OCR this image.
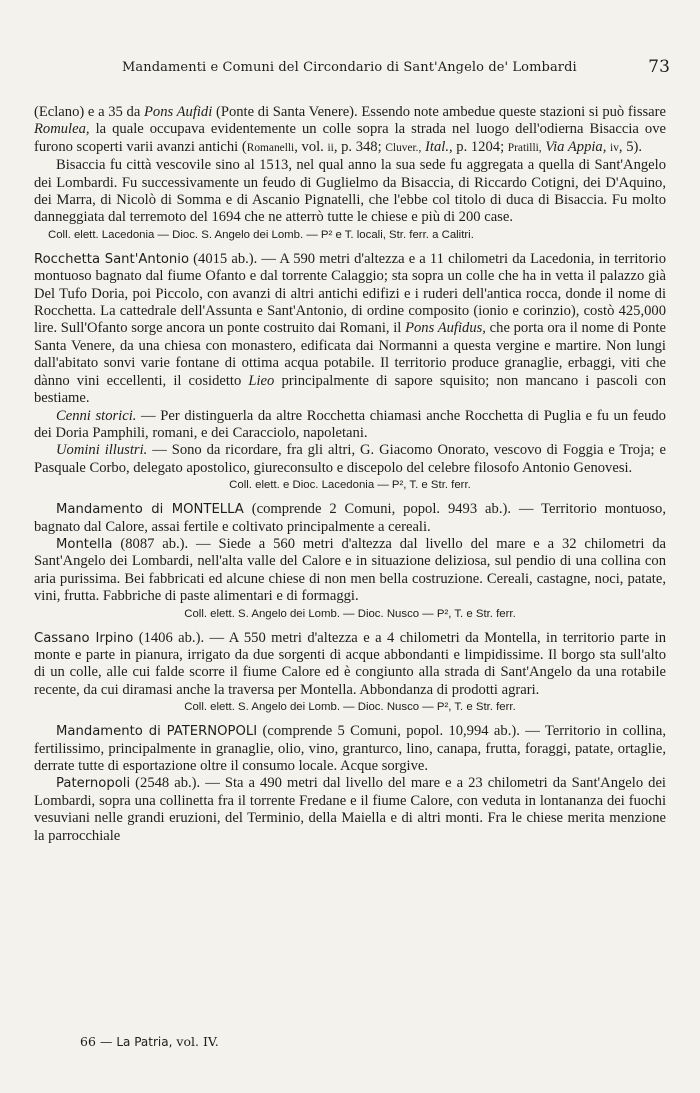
Mandamenti e Comuni del Circondario di Sant'Angelo de' Lombardi	73

(Eclano) e a 35 da Pons Aufidi (Ponte di Santa Venere). Essendo note ambedue queste stazioni si può fissare Romulea, la quale occupava evidentemente un colle sopra la strada nel luogo dell'odierna Bisaccia ove furono scoperti varii avanzi antichi (Romanelli, vol. ii, p. 348; Cluver., Ital., p. 1204; Pratilli, Via Appia, iv, 5).

Bisaccia fu città vescovile sino al 1513, nel qual anno la sua sede fu aggregata a quella di Sant'Angelo dei Lombardi. Fu successivamente un feudo di Guglielmo da Bisaccia, di Riccardo Cotigni, dei D'Aquino, dei Marra, di Nicolò di Somma e di Ascanio Pignatelli, che l'ebbe col titolo di duca di Bisaccia. Fu molto danneggiata dal terremoto del 1694 che ne atterrò tutte le chiese e più di 200 case.

Coll. elett. Lacedonia — Dioc. S. Angelo dei Lomb. — P² e T. locali, Str. ferr. a Calitri.

Rocchetta Sant'Antonio (4015 ab.). — A 590 metri d'altezza e a 11 chilometri da Lacedonia, in territorio montuoso bagnato dal fiume Ofanto e dal torrente Calaggio; sta sopra un colle che ha in vetta il palazzo già Del Tufo Doria, poi Piccolo, con avanzi di altri antichi edifizi e i ruderi dell'antica rocca, donde il nome di Rocchetta. La cattedrale dell'Assunta e Sant'Antonio, di ordine composito (ionio e corinzio), costò 425,000 lire. Sull'Ofanto sorge ancora un ponte costruito dai Romani, il Pons Aufidus, che porta ora il nome di Ponte Santa Venere, da una chiesa con monastero, edificata dai Normanni a questa vergine e martire. Non lungi dall'abitato sonvi varie fontane di ottima acqua potabile. Il territorio produce granaglie, erbaggi, viti che dànno vini eccellenti, il cosidetto Lieo principalmente di sapore squisito; non mancano i pascoli con bestiame.

Cenni storici. — Per distinguerla da altre Rocchetta chiamasi anche Rocchetta di Puglia e fu un feudo dei Doria Pamphili, romani, e dei Caracciolo, napoletani.

Uomini illustri. — Sono da ricordare, fra gli altri, G. Giacomo Onorato, vescovo di Foggia e Troja; e Pasquale Corbo, delegato apostolico, giureconsulto e discepolo del celebre filosofo Antonio Genovesi.

Coll. elett. e Dioc. Lacedonia — P², T. e Str. ferr.

Mandamento di MONTELLA (comprende 2 Comuni, popol. 9493 ab.). — Territorio montuoso, bagnato dal Calore, assai fertile e coltivato principalmente a cereali.

Montella (8087 ab.). — Siede a 560 metri d'altezza dal livello del mare e a 32 chilometri da Sant'Angelo dei Lombardi, nell'alta valle del Calore e in situazione deliziosa, sul pendio di una collina con aria purissima. Bei fabbricati ed alcune chiese di non men bella costruzione. Cereali, castagne, noci, patate, vini, frutta. Fabbriche di paste alimentari e di formaggi.

Coll. elett. S. Angelo dei Lomb. — Dioc. Nusco — P², T. e Str. ferr.

Cassano Irpino (1406 ab.). — A 550 metri d'altezza e a 4 chilometri da Montella, in territorio parte in monte e parte in pianura, irrigato da due sorgenti di acque abbondanti e limpidissime. Il borgo sta sull'alto di un colle, alle cui falde scorre il fiume Calore ed è congiunto alla strada di Sant'Angelo da una rotabile recente, da cui diramasi anche la traversa per Montella. Abbondanza di prodotti agrari.

Coll. elett. S. Angelo dei Lomb. — Dioc. Nusco — P², T. e Str. ferr.

Mandamento di PATERNOPOLI (comprende 5 Comuni, popol. 10,994 ab.). — Territorio in collina, fertilissimo, principalmente in granaglie, olio, vino, granturco, lino, canapa, frutta, foraggi, patate, ortaglie, derrate tutte di esportazione oltre il consumo locale. Acque sorgive.

Paternopoli (2548 ab.). — Sta a 490 metri dal livello del mare e a 23 chilometri da Sant'Angelo dei Lombardi, sopra una collinetta fra il torrente Fredane e il fiume Calore, con veduta in lontananza dei fuochi vesuviani nelle grandi eruzioni, del Terminio, della Maiella e di altri monti. Fra le chiese merita menzione la parrocchiale

66 — La Patria, vol. IV.
